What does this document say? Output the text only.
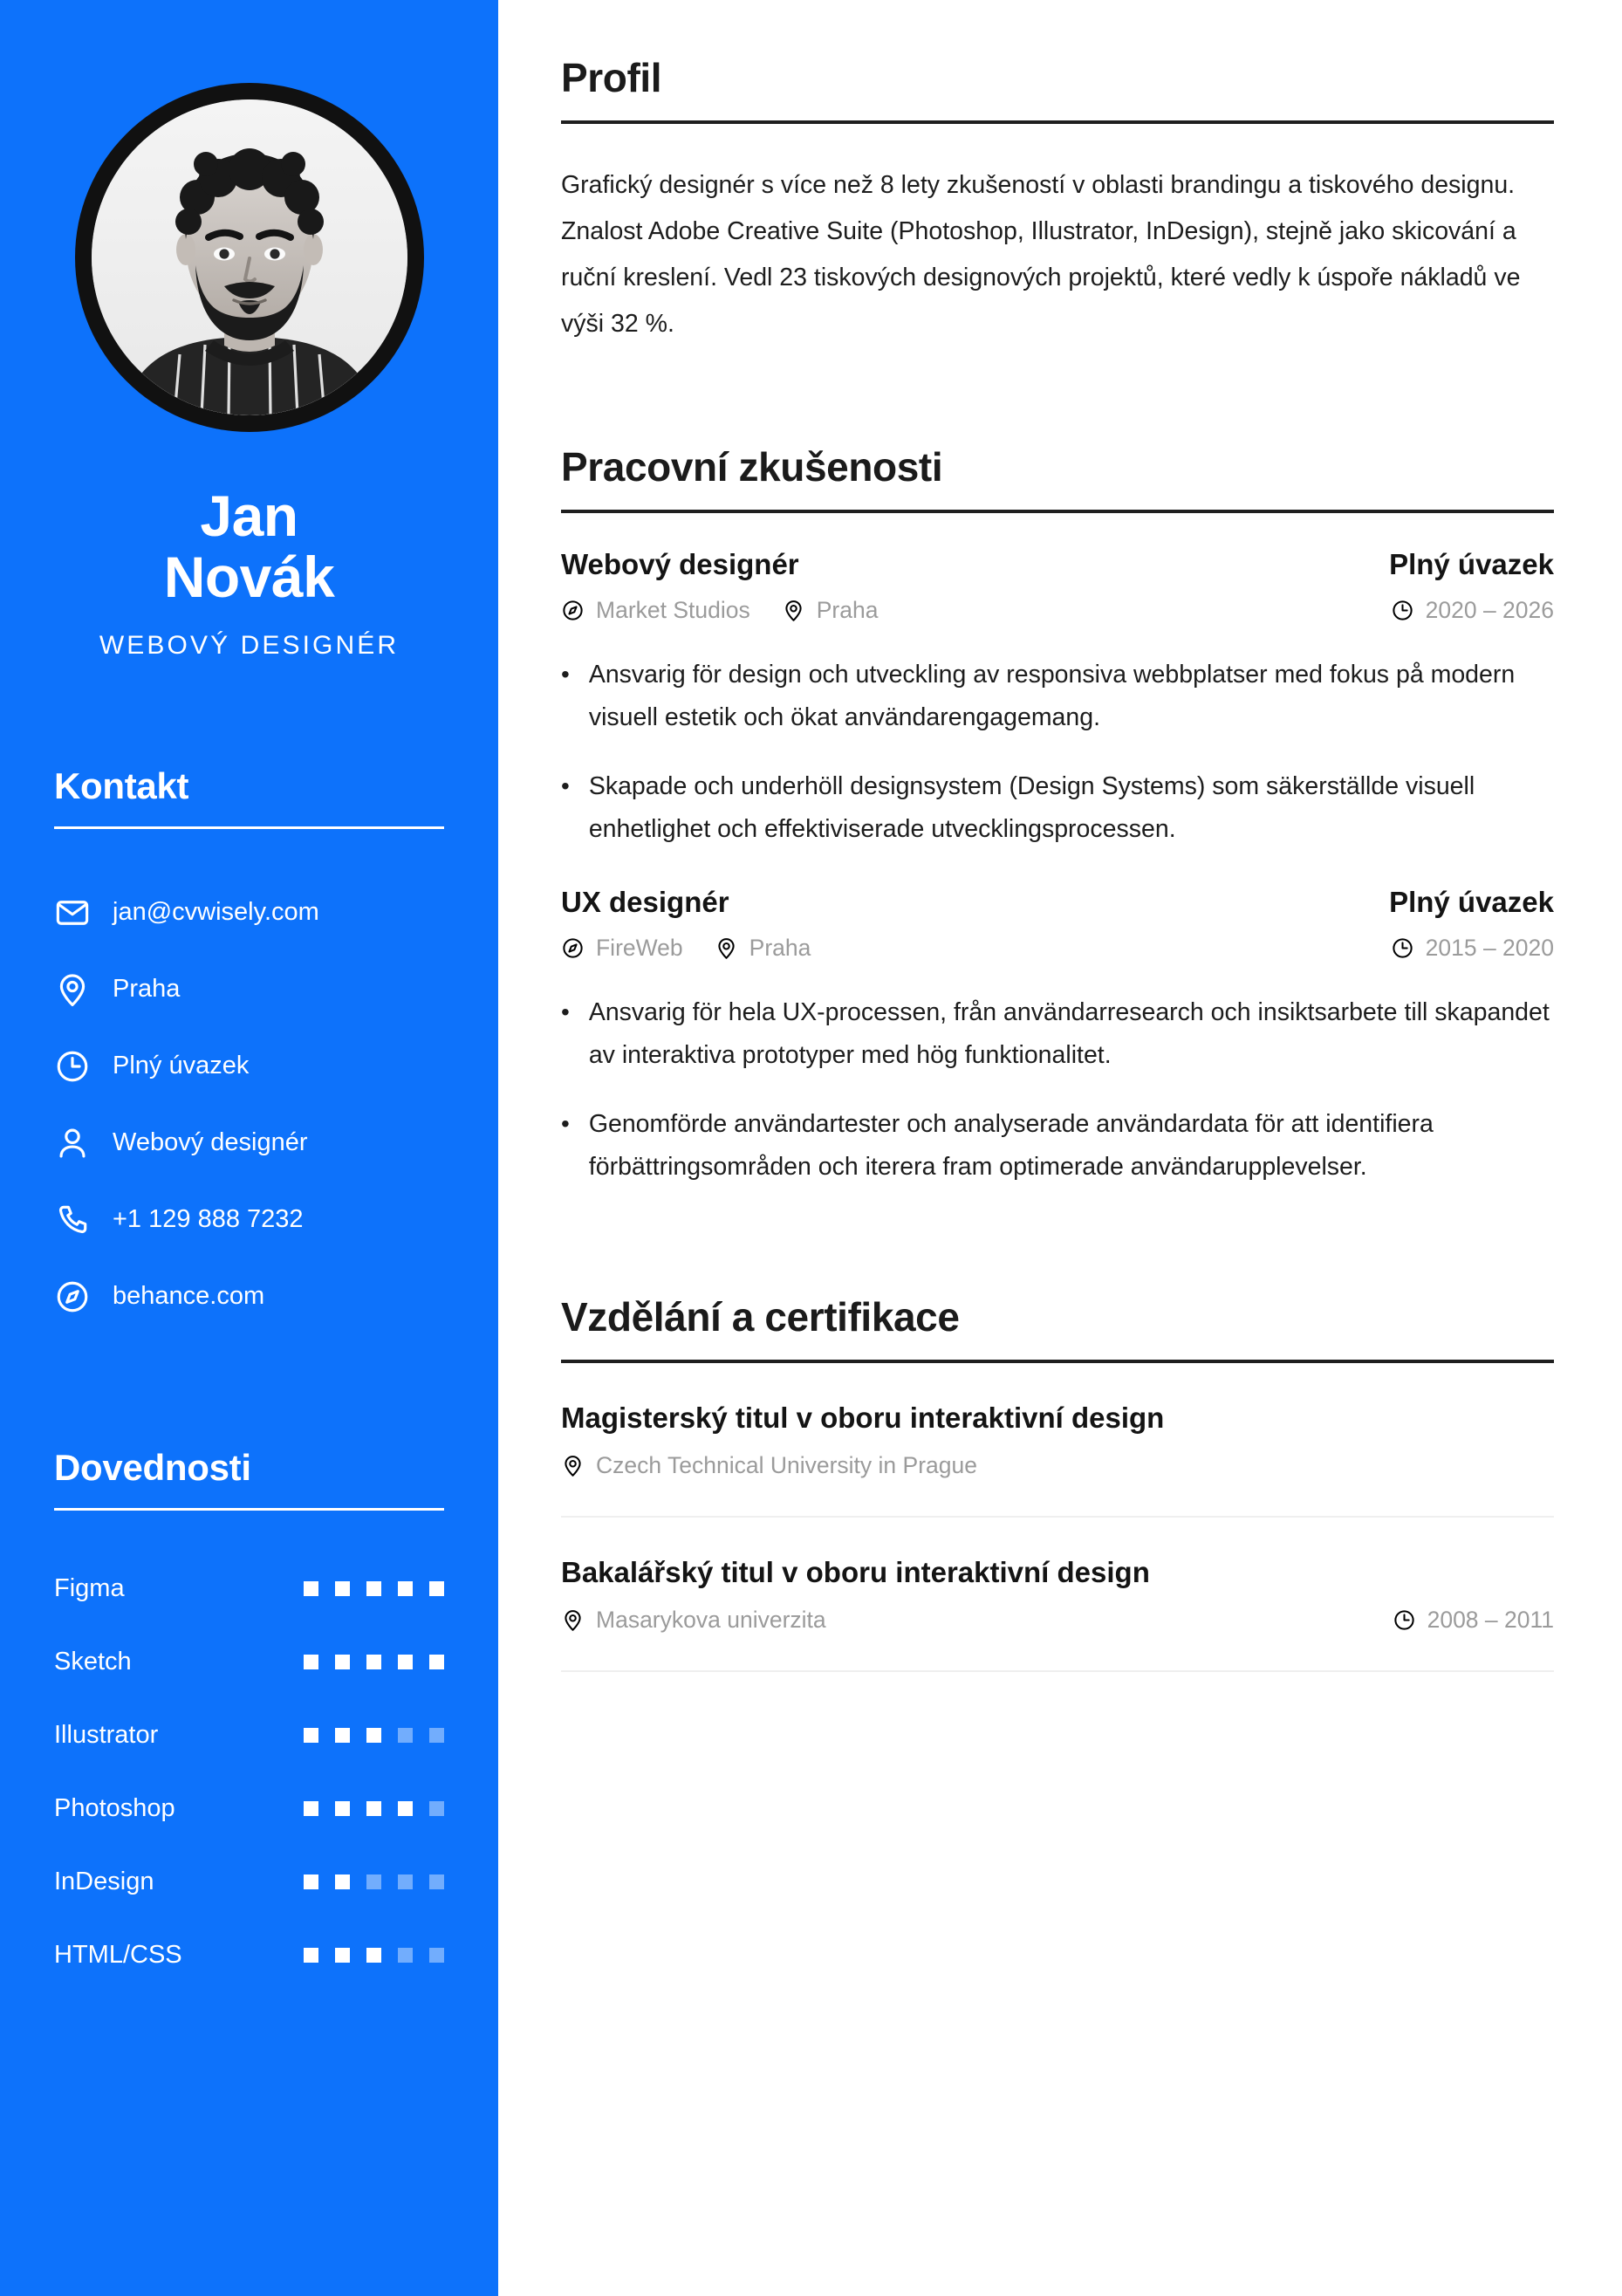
Jan
Novák
WEBOVÝ DESIGNÉR
Kontakt
jan@cvwisely.com
Praha
Plný úvazek
Webový designér
+1 129 888 7232
behance.com
Dovednosti
Figma
Sketch
Illustrator
Photoshop
InDesign
HTML/CSS
Profil

Grafický designér s více než 8 lety zkušeností v oblasti brandingu a tiskového designu. Znalost Adobe Creative Suite (Photoshop, Illustrator, InDesign), stejně jako skicování a ruční kreslení. Vedl 23 tiskových designových projektů, které vedly k úspoře nákladů ve výši 32 %.

Pracovní zkušenosti
Webový designér	Plný úvazek
Market Studios	Praha	2020 – 2026
• Ansvarig för design och utveckling av responsiva webbplatser med fokus på modern visuell estetik och ökat användarengagemang.
• Skapade och underhöll designsystem (Design Systems) som säkerställde visuell enhetlighet och effektiviserade utvecklingsprocessen.
UX designér	Plný úvazek
FireWeb	Praha	2015 – 2020
• Ansvarig för hela UX-processen, från användarresearch och insiktsarbete till skapandet av interaktiva prototyper med hög funktionalitet.
• Genomförde användartester och analyserade användardata för att identifiera förbättringsområden och iterera fram optimerade användarupplevelser.
Vzdělání a certifikace
Magisterský titul v oboru interaktivní design
Czech Technical University in Prague
Bakalářský titul v oboru interaktivní design
Masarykova univerzita	2008 – 2011
